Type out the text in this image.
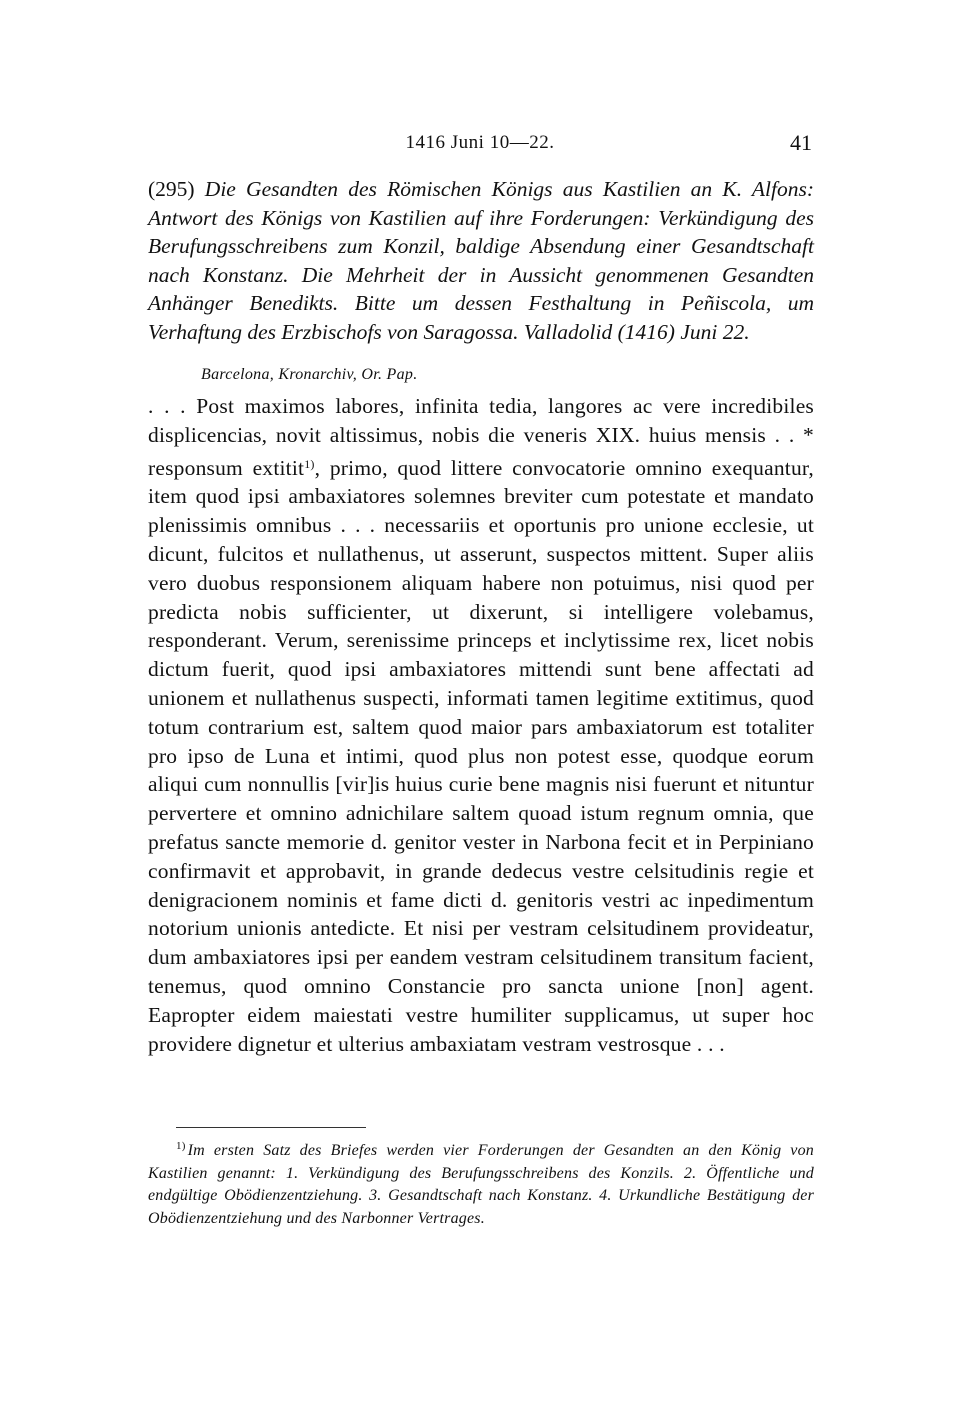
1416 Juni 10—22.	41
(295) Die Gesandten des Römischen Königs aus Kastilien an K. Alfons: Antwort des Königs von Kastilien auf ihre Forderungen: Verkündigung des Berufungsschreibens zum Konzil, baldige Absendung einer Gesandtschaft nach Konstanz. Die Mehrheit der in Aussicht genommenen Gesandten Anhänger Benedikts. Bitte um dessen Festhaltung in Peñiscola, um Verhaftung des Erzbischofs von Saragossa. Valladolid (1416) Juni 22.
Barcelona, Kronarchiv, Or. Pap.

. . . Post maximos labores, infinita tedia, langores ac vere incredibiles displicencias, novit altissimus, nobis die veneris XIX. huius mensis . . * responsum extitit$^{1)}$, primo, quod littere convocatorie omnino exequantur, item quod ipsi ambaxiatores solemnes breviter cum potestate et mandato plenissimis omnibus . . . necessariis et oportunis pro unione ecclesie, ut dicunt, fulcitos et nullathenus, ut asserunt, suspectos mittent. Super aliis vero duobus responsionem aliquam habere non potuimus, nisi quod per predicta nobis sufficienter, ut dixerunt, si intelligere volebamus, responderant. Verum, serenissime princeps et inclytissime rex, licet nobis dictum fuerit, quod ipsi ambaxiatores mittendi sunt bene affectati ad unionem et nullathenus suspecti, informati tamen legitime extitimus, quod totum contrarium est, saltem quod maior pars ambaxiatorum est totaliter pro ipso de Luna et intimi, quod plus non potest esse, quodque eorum aliqui cum nonnullis [vir]is huius curie bene magnis nisi fuerunt et nituntur pervertere et omnino adnichilare saltem quoad istum regnum omnia, que prefatus sancte memorie d. genitor vester in Narbona fecit et in Perpiniano confirmavit et approbavit, in grande dedecus vestre celsitudinis regie et denigracionem nominis et fame dicti d. genitoris vestri ac inpedimentum notorium unionis antedicte. Et nisi per vestram celsitudinem provideatur, dum ambaxiatores ipsi per eandem vestram celsitudinem transitum facient, tenemus, quod omnino Constancie pro sancta unione [non] agent. Eapropter eidem maiestati vestre humiliter supplicamus, ut super hoc providere dignetur et ulterius ambaxiatam vestram vestrosque . . .

$^{1)}$ Im ersten Satz des Briefes werden vier Forderungen der Gesandten an den König von Kastilien genannt: 1. Verkündigung des Berufungsschreibens des Konzils. 2. Öffentliche und endgültige Obödienzentziehung. 3. Gesandtschaft nach Konstanz. 4. Urkundliche Bestätigung der Obödienzentziehung und des Narbonner Vertrages.
